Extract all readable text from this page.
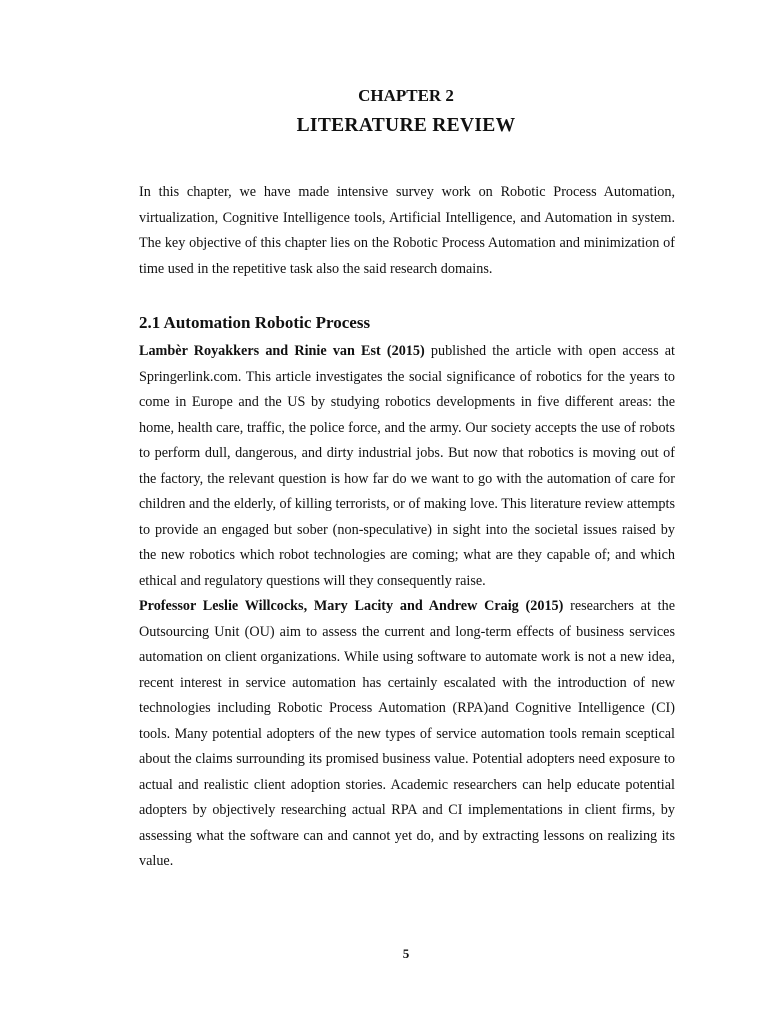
CHAPTER 2
LITERATURE REVIEW

In this chapter, we have made intensive survey work on Robotic Process Automation, virtualization, Cognitive Intelligence tools, Artificial Intelligence, and Automation in system. The key objective of this chapter lies on the Robotic Process Automation and minimization of time used in the repetitive task also the said research domains.

2.1 Automation Robotic Process

Lambèr Royakkers and Rinie van Est (2015) published the article with open access at Springerlink.com. This article investigates the social significance of robotics for the years to come in Europe and the US by studying robotics developments in five different areas: the home, health care, traffic, the police force, and the army. Our society accepts the use of robots to perform dull, dangerous, and dirty industrial jobs. But now that robotics is moving out of the factory, the relevant question is how far do we want to go with the automation of care for children and the elderly, of killing terrorists, or of making love. This literature review attempts to provide an engaged but sober (non-speculative) in sight into the societal issues raised by the new robotics which robot technologies are coming; what are they capable of; and which ethical and regulatory questions will they consequently raise.

Professor Leslie Willcocks, Mary Lacity and Andrew Craig (2015) researchers at the Outsourcing Unit (OU) aim to assess the current and long-term effects of business services automation on client organizations. While using software to automate work is not a new idea, recent interest in service automation has certainly escalated with the introduction of new technologies including Robotic Process Automation (RPA)and Cognitive Intelligence (CI) tools. Many potential adopters of the new types of service automation tools remain sceptical about the claims surrounding its promised business value. Potential adopters need exposure to actual and realistic client adoption stories. Academic researchers can help educate potential adopters by objectively researching actual RPA and CI implementations in client firms, by assessing what the software can and cannot yet do, and by extracting lessons on realizing its value.

5
